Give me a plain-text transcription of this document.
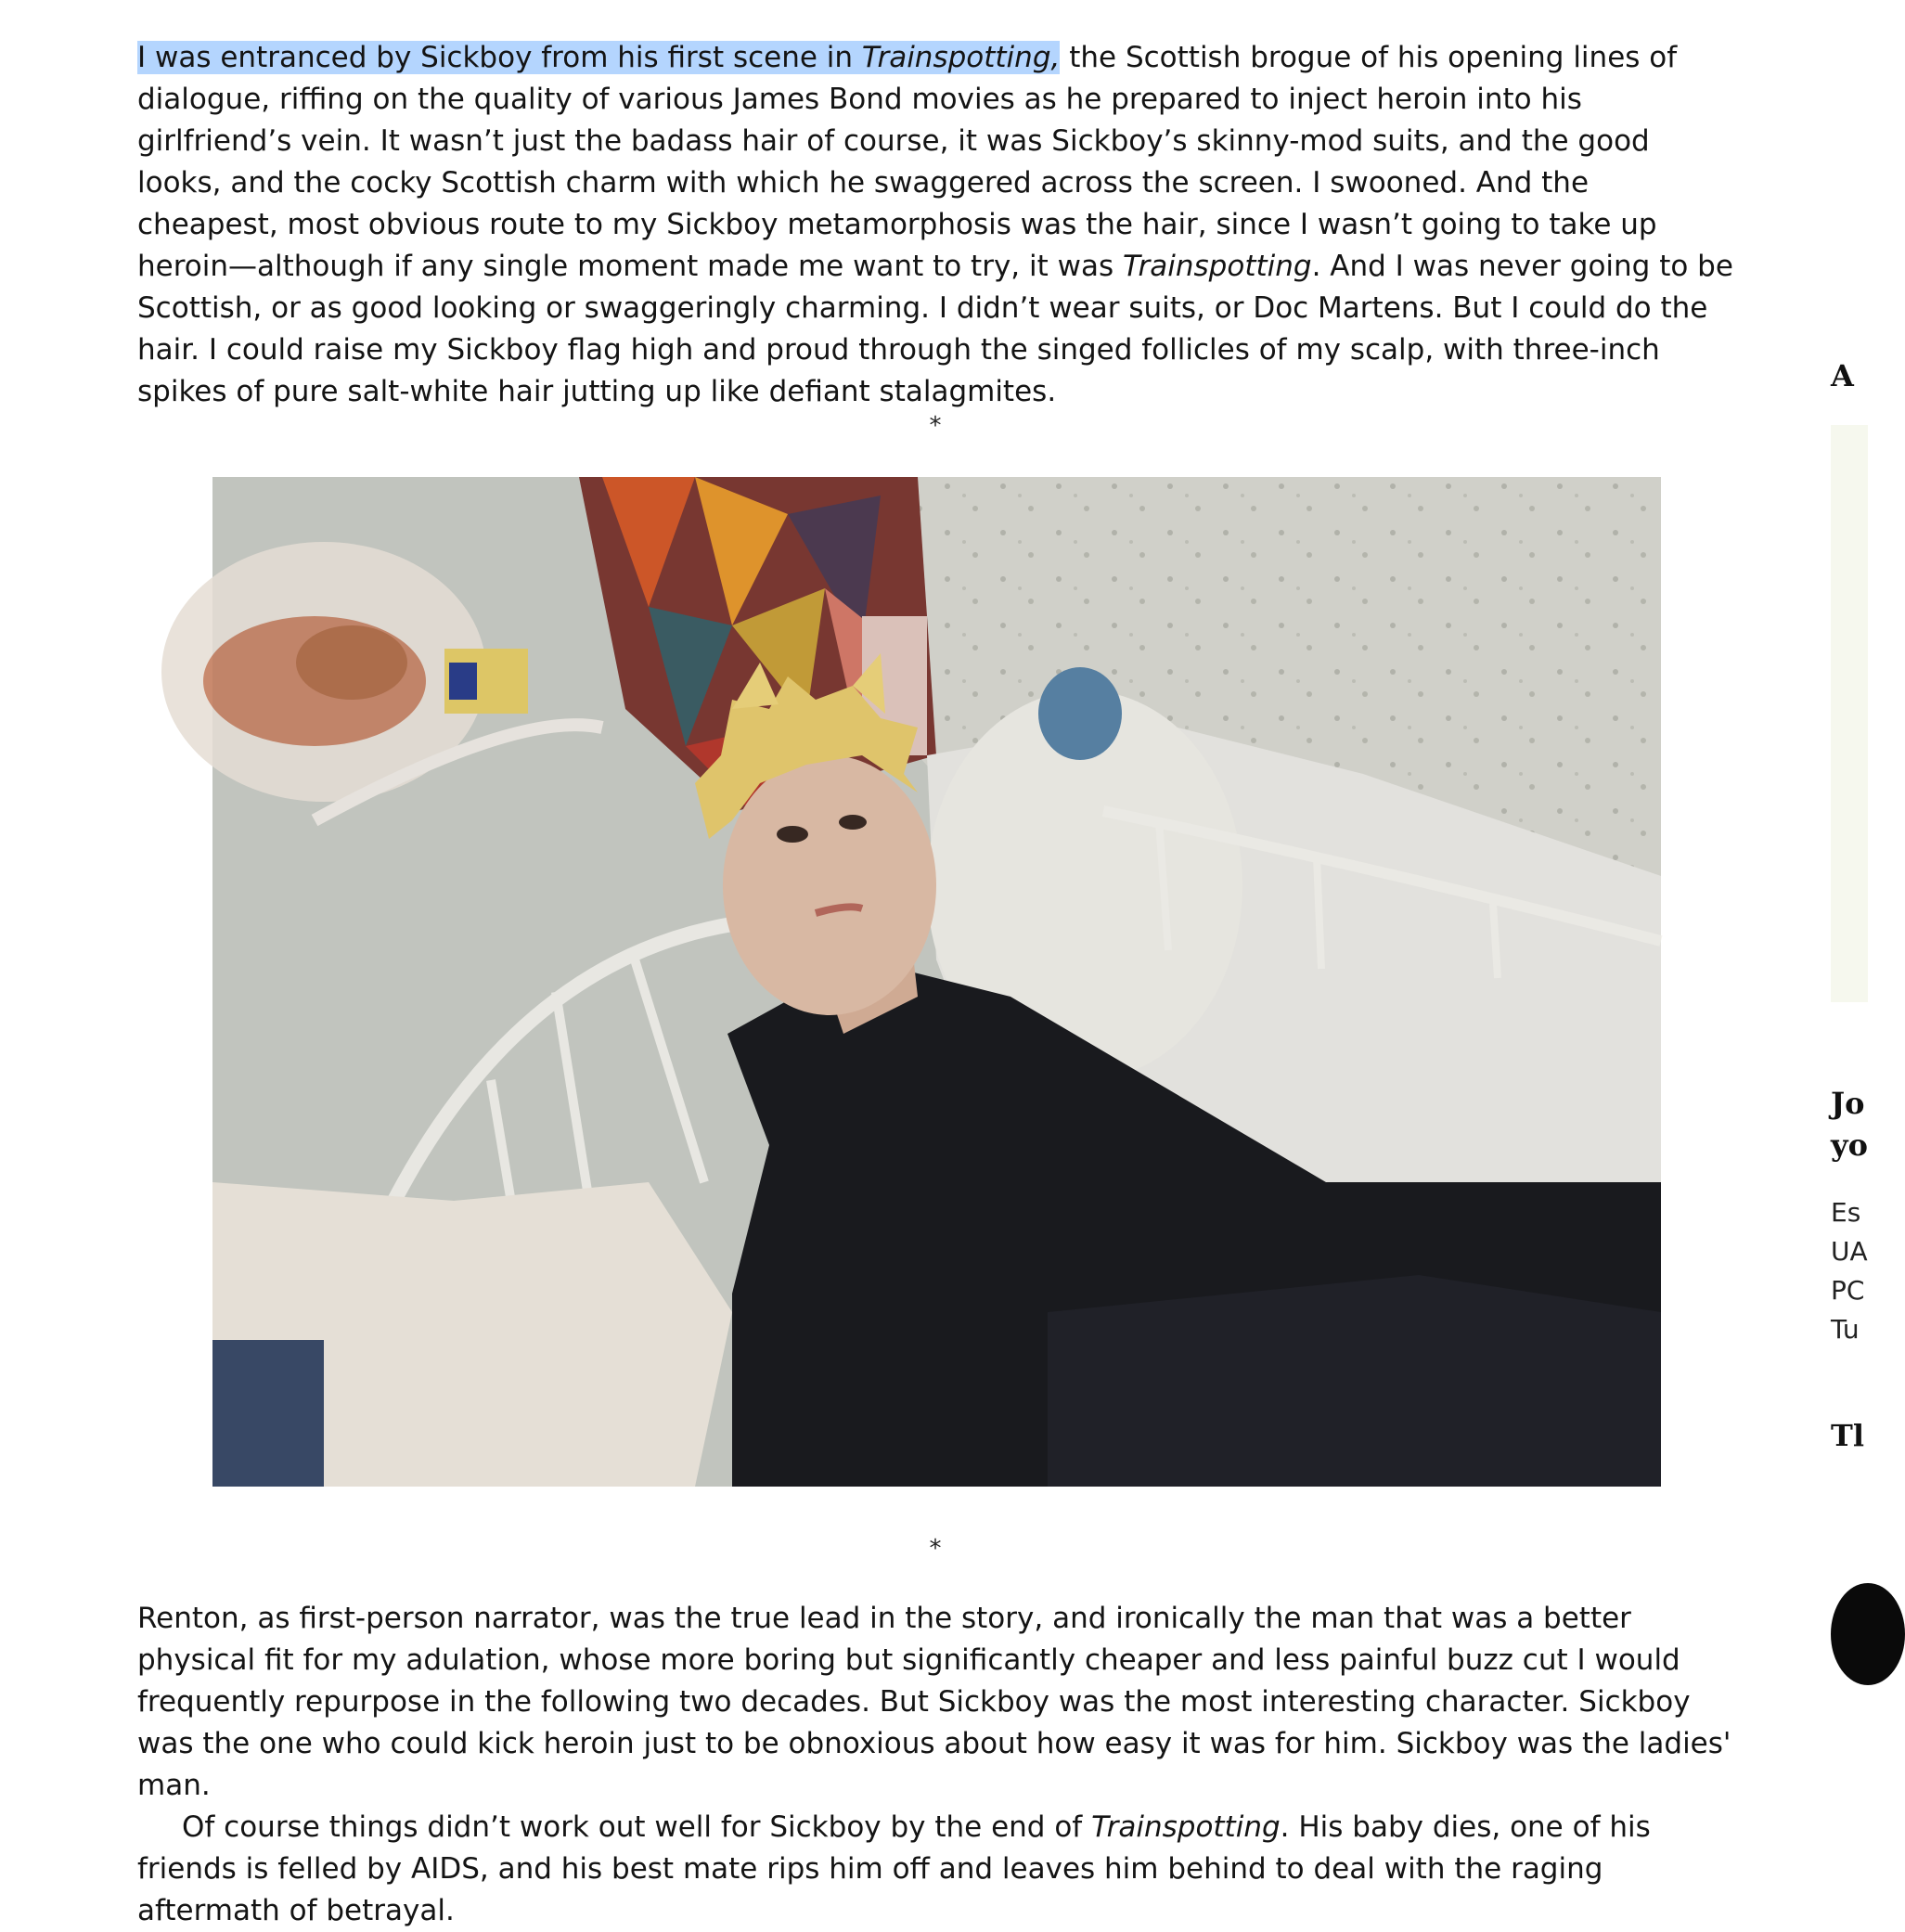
I was entranced by Sickboy from his first scene in Trainspotting, the Scottish brogue of his opening lines of dialogue, riffing on the quality of various James Bond movies as he prepared to inject heroin into his girlfriend’s vein. It wasn’t just the badass hair of course, it was Sickboy’s skinny-mod suits, and the good looks, and the cocky Scottish charm with which he swaggered across the screen. I swooned. And the cheapest, most obvious route to my Sickboy metamorphosis was the hair, since I wasn’t going to take up heroin—although if any single moment made me want to try, it was Trainspotting. And I was never going to be Scottish, or as good looking or swaggeringly charming. I didn’t wear suits, or Doc Martens. But I could do the hair. I could raise my Sickboy flag high and proud through the singed follicles of my scalp, with three-inch spikes of pure salt-white hair jutting up like defiant stalagmites.

*
*

Renton, as first-person narrator, was the true lead in the story, and ironically the man that was a better physical fit for my adulation, whose more boring but significantly cheaper and less painful buzz cut I would frequently repurpose in the following two decades. But Sickboy was the most interesting character. Sickboy was the one who could kick heroin just to be obnoxious about how easy it was for him. Sickboy was the ladies' man.

Of course things didn’t work out well for Sickboy by the end of Trainspotting. His baby dies, one of his friends is felled by AIDS, and his best mate rips him off and leaves him behind to deal with the raging aftermath of betrayal.

A
Jo
yo
Es
UA
PC
Tu
Tl
